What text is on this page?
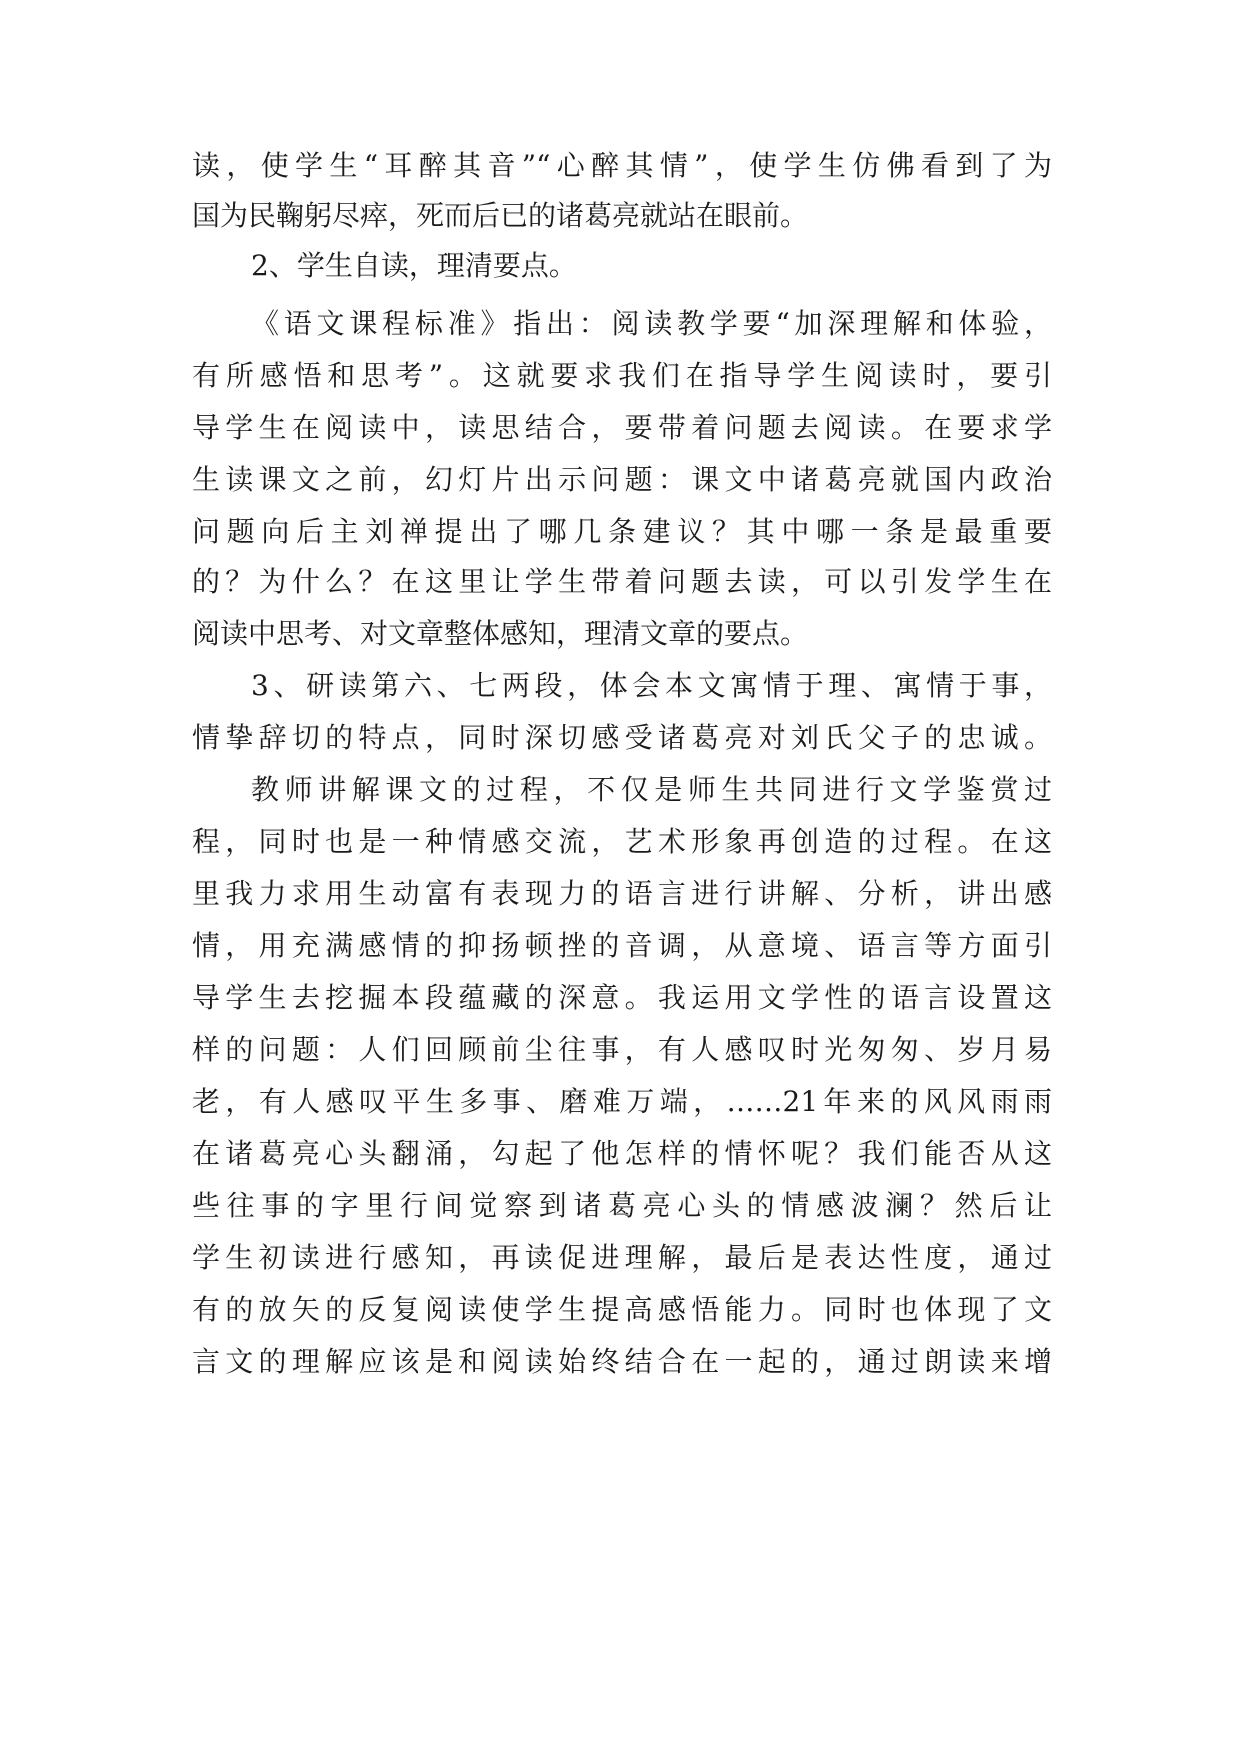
读，使学生“耳醉其音”“心醉其情”，使学生仿佛看到了为
国为民鞠躬尽瘁，死而后已的诸葛亮就站在眼前。
2、学生自读，理清要点。
《语文课程标准》指出：阅读教学要“加深理解和体验，
有所感悟和思考”。这就要求我们在指导学生阅读时，要引
导学生在阅读中，读思结合，要带着问题去阅读。在要求学
生读课文之前，幻灯片出示问题：课文中诸葛亮就国内政治
问题向后主刘禅提出了哪几条建议？其中哪一条是最重要
的？为什么？在这里让学生带着问题去读，可以引发学生在
阅读中思考、对文章整体感知，理清文章的要点。
3、研读第六、七两段，体会本文寓情于理、寓情于事，
情挚辞切的特点，同时深切感受诸葛亮对刘氏父子的忠诚。
教师讲解课文的过程，不仅是师生共同进行文学鉴赏过
程，同时也是一种情感交流，艺术形象再创造的过程。在这
里我力求用生动富有表现力的语言进行讲解、分析，讲出感
情，用充满感情的抑扬顿挫的音调，从意境、语言等方面引
导学生去挖掘本段蕴藏的深意。我运用文学性的语言设置这
样的问题：人们回顾前尘往事，有人感叹时光匆匆、岁月易
老，有人感叹平生多事、磨难万端，……21年来的风风雨雨
在诸葛亮心头翻涌，勾起了他怎样的情怀呢？我们能否从这
些往事的字里行间觉察到诸葛亮心头的情感波澜？然后让
学生初读进行感知，再读促进理解，最后是表达性度，通过
有的放矢的反复阅读使学生提高感悟能力。同时也体现了文
言文的理解应该是和阅读始终结合在一起的，通过朗读来增
